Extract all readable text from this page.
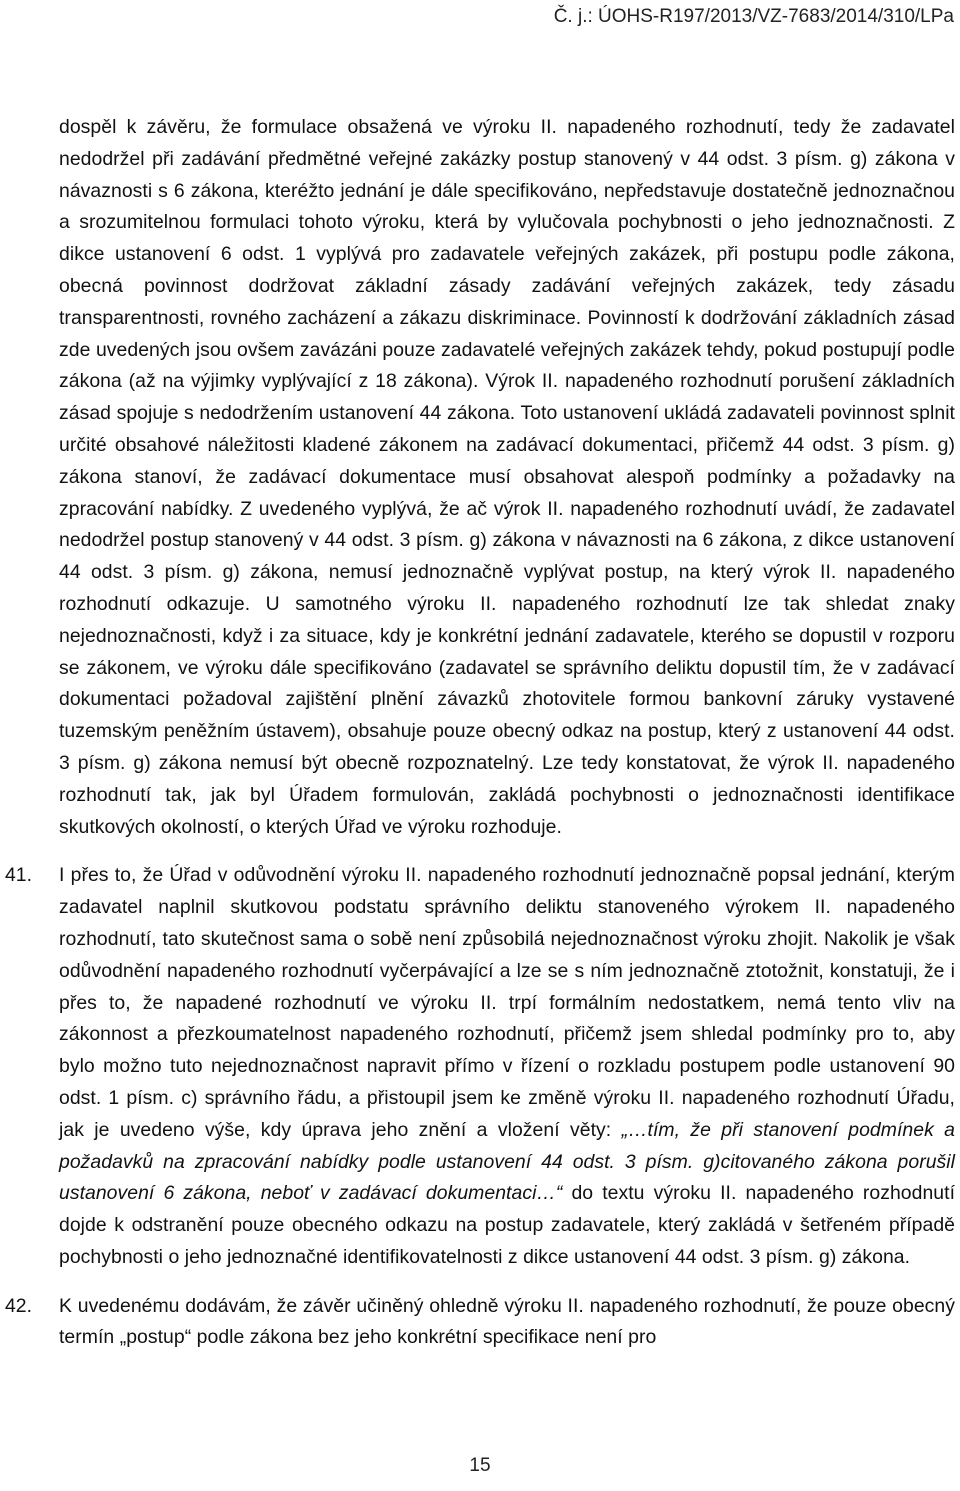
Č. j.: ÚOHS-R197/2013/VZ-7683/2014/310/LPa

dospěl k závěru, že formulace obsažená ve výroku II. napadeného rozhodnutí, tedy že zadavatel nedodržel při zadávání předmětné veřejné zakázky postup stanovený v 44 odst. 3 písm. g) zákona v návaznosti s 6 zákona, kteréžto jednání je dále specifikováno, nepředstavuje dostatečně jednoznačnou a srozumitelnou formulaci tohoto výroku, která by vylučovala pochybnosti o jeho jednoznačnosti. Z dikce ustanovení 6 odst. 1 vyplývá pro zadavatele veřejných zakázek, při postupu podle zákona, obecná povinnost dodržovat základní zásady zadávání veřejných zakázek, tedy zásadu transparentnosti, rovného zacházení a zákazu diskriminace. Povinností k dodržování základních zásad zde uvedených jsou ovšem zavázáni pouze zadavatelé veřejných zakázek tehdy, pokud postupují podle zákona (až na výjimky vyplývající z 18 zákona). Výrok II. napadeného rozhodnutí porušení základních zásad spojuje s nedodržením ustanovení 44 zákona. Toto ustanovení ukládá zadavateli povinnost splnit určité obsahové náležitosti kladené zákonem na zadávací dokumentaci, přičemž 44 odst. 3 písm. g) zákona stanoví, že zadávací dokumentace musí obsahovat alespoň podmínky a požadavky na zpracování nabídky. Z uvedeného vyplývá, že ač výrok II. napadeného rozhodnutí uvádí, že zadavatel nedodržel postup stanovený v 44 odst. 3 písm. g) zákona v návaznosti na 6 zákona, z dikce ustanovení 44 odst. 3 písm. g) zákona, nemusí jednoznačně vyplývat postup, na který výrok II. napadeného rozhodnutí odkazuje. U samotného výroku II. napadeného rozhodnutí lze tak shledat znaky nejednoznačnosti, když i za situace, kdy je konkrétní jednání zadavatele, kterého se dopustil v rozporu se zákonem, ve výroku dále specifikováno (zadavatel se správního deliktu dopustil tím, že v zadávací dokumentaci požadoval zajištění plnění závazků zhotovitele formou bankovní záruky vystavené tuzemským peněžním ústavem), obsahuje pouze obecný odkaz na postup, který z ustanovení 44 odst. 3 písm. g) zákona nemusí být obecně rozpoznatelný. Lze tedy konstatovat, že výrok II. napadeného rozhodnutí tak, jak byl Úřadem formulován, zakládá pochybnosti o jednoznačnosti identifikace skutkových okolností, o kterých Úřad ve výroku rozhoduje.

41. I přes to, že Úřad v odůvodnění výroku II. napadeného rozhodnutí jednoznačně popsal jednání, kterým zadavatel naplnil skutkovou podstatu správního deliktu stanoveného výrokem II. napadeného rozhodnutí, tato skutečnost sama o sobě není způsobilá nejednoznačnost výroku zhojit. Nakolik je však odůvodnění napadeného rozhodnutí vyčerpávající a lze se s ním jednoznačně ztotožnit, konstatuji, že i přes to, že napadené rozhodnutí ve výroku II. trpí formálním nedostatkem, nemá tento vliv na zákonnost a přezkoumatelnost napadeného rozhodnutí, přičemž jsem shledal podmínky pro to, aby bylo možno tuto nejednoznačnost napravit přímo v řízení o rozkladu postupem podle ustanovení 90 odst. 1 písm. c) správního řádu, a přistoupil jsem ke změně výroku II. napadeného rozhodnutí Úřadu, jak je uvedeno výše, kdy úprava jeho znění a vložení věty: „…tím, že při stanovení podmínek a požadavků na zpracování nabídky podle ustanovení 44 odst. 3 písm. g)citovaného zákona porušil ustanovení 6 zákona, neboť v zadávací dokumentaci…“ do textu výroku II. napadeného rozhodnutí dojde k odstranění pouze obecného odkazu na postup zadavatele, který zakládá v šetřeném případě pochybnosti o jeho jednoznačné identifikovatelnosti z dikce ustanovení 44 odst. 3 písm. g) zákona.

42. K uvedenému dodávám, že závěr učiněný ohledně výroku II. napadeného rozhodnutí, že pouze obecný termín „postup“ podle zákona bez jeho konkrétní specifikace není pro

15
